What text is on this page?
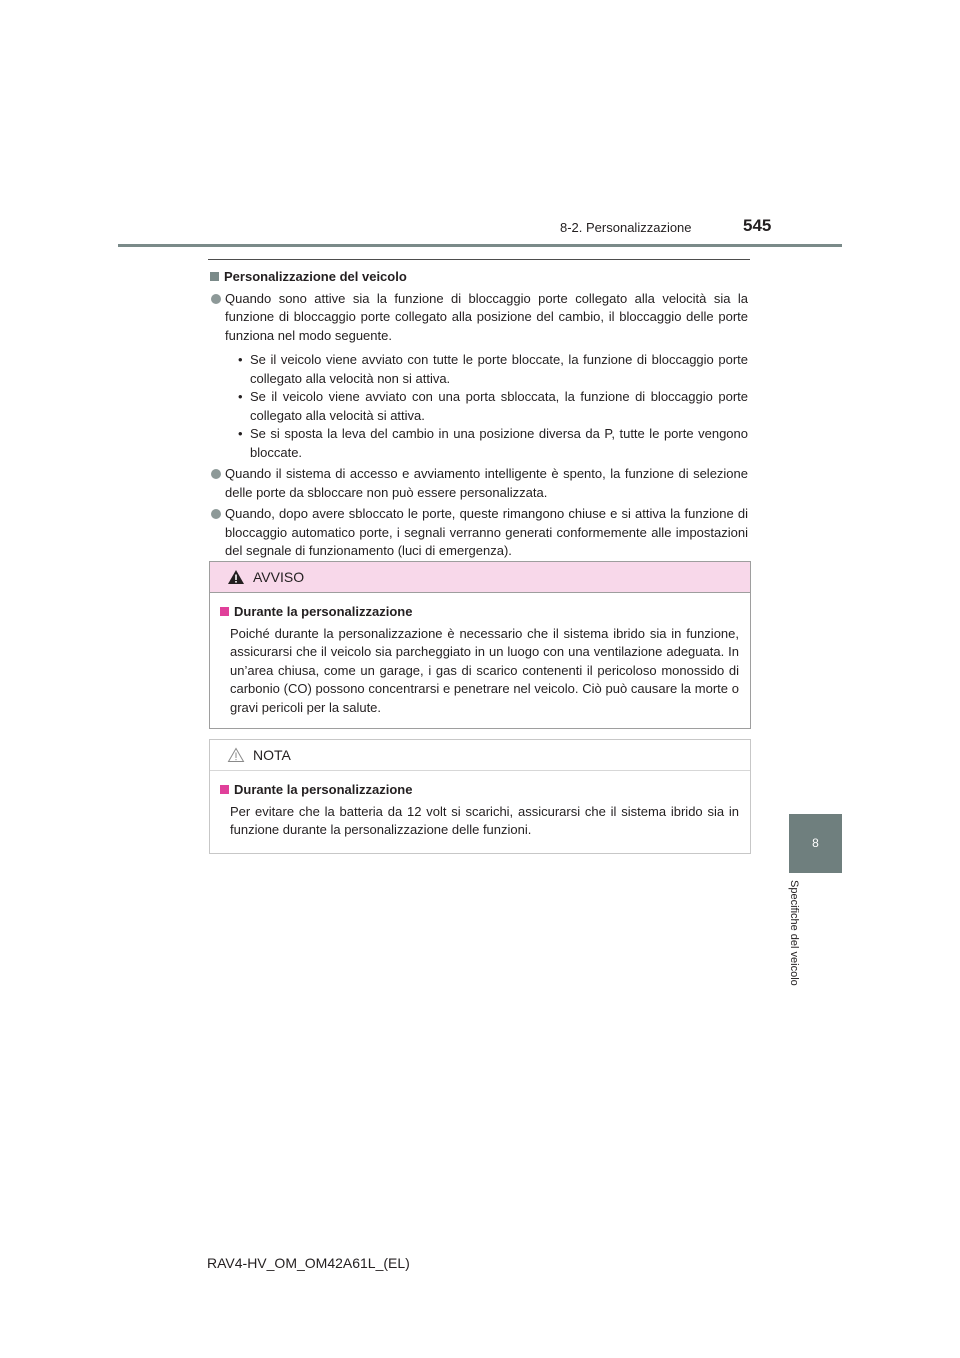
8-2. Personalizzazione	545
8
Specifiche del veicolo
Personalizzazione del veicolo
Quando sono attive sia la funzione di bloccaggio porte collegato alla velocità sia la funzione di bloccaggio porte collegato alla posizione del cambio, il bloccaggio delle porte funziona nel modo seguente.
• Se il veicolo viene avviato con tutte le porte bloccate, la funzione di bloccaggio porte collegato alla velocità non si attiva.
• Se il veicolo viene avviato con una porta sbloccata, la funzione di bloccaggio porte collegato alla velocità si attiva.
• Se si sposta la leva del cambio in una posizione diversa da P, tutte le porte vengono bloccate.
Quando il sistema di accesso e avviamento intelligente è spento, la funzione di selezione delle porte da sbloccare non può essere personalizzata.
Quando, dopo avere sbloccato le porte, queste rimangono chiuse e si attiva la funzione di bloccaggio automatico porte, i segnali verranno generati conformemente alle impostazioni del segnale di funzionamento (luci di emergenza).
AVVISO
Durante la personalizzazione
Poiché durante la personalizzazione è necessario che il sistema ibrido sia in funzione, assicurarsi che il veicolo sia parcheggiato in un luogo con una ventilazione adeguata. In un’area chiusa, come un garage, i gas di scarico contenenti il pericoloso monossido di carbonio (CO) possono concentrarsi e penetrare nel veicolo. Ciò può causare la morte o gravi pericoli per la salute.
NOTA
Durante la personalizzazione
Per evitare che la batteria da 12 volt si scarichi, assicurarsi che il sistema ibrido sia in funzione durante la personalizzazione delle funzioni.
RAV4-HV_OM_OM42A61L_(EL)
